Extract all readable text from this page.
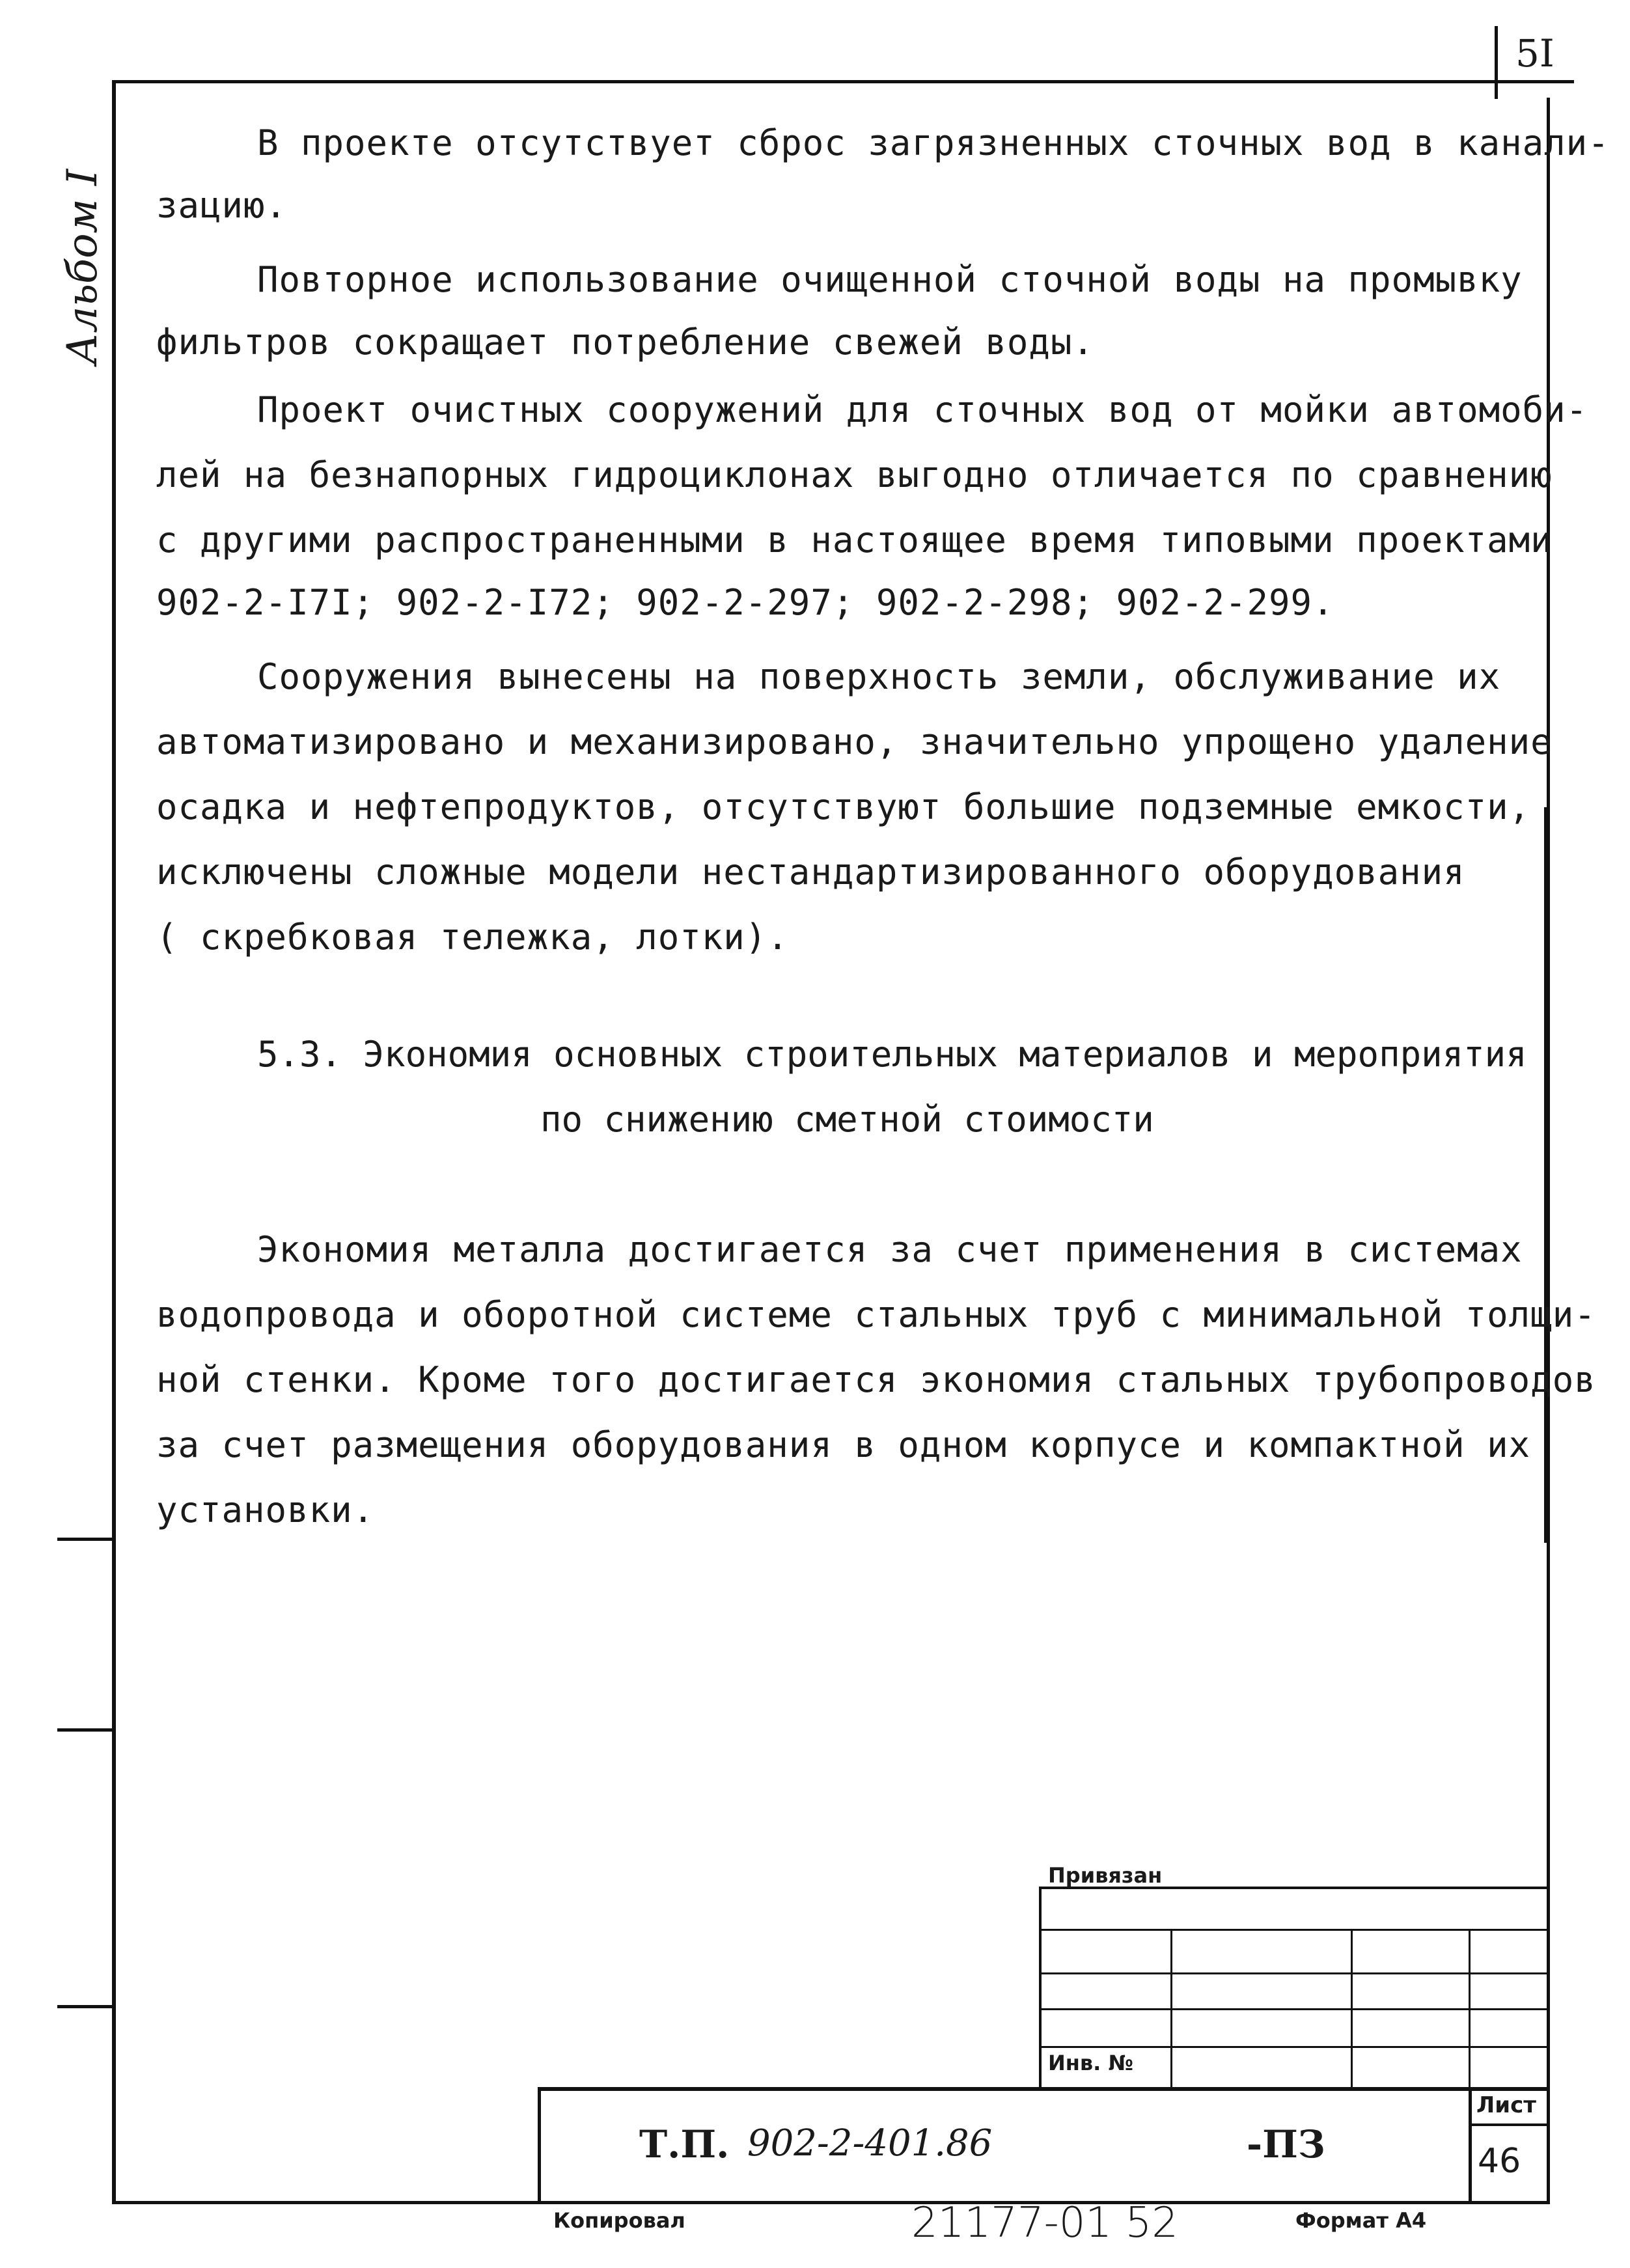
5I
Альбом I
В проекте отсутствует сброс загрязненных сточных вод в канали-
зацию.
Повторное использование очищенной сточной воды на промывку
фильтров сокращает потребление свежей воды.
Проект очистных сооружений для сточных вод от мойки автомоби-
лей на безнапорных гидроциклонах выгодно отличается по сравнению
с другими распространенными в настоящее время типовыми проектами
902-2-I7I; 902-2-I72; 902-2-297; 902-2-298; 902-2-299.
Сооружения вынесены на поверхность земли, обслуживание их
автоматизировано и механизировано, значительно упрощено удаление
осадка и нефтепродуктов, отсутствуют большие подземные емкости,
исключены сложные модели нестандартизированного оборудования
( скребковая тележка, лотки).
5.3. Экономия основных строительных материалов и мероприятия
по снижению сметной стоимости
Экономия металла достигается за счет применения в системах
водопровода и оборотной системе стальных труб с минимальной толщи-
ной стенки. Кроме того достигается экономия стальных трубопроводов
за счет размещения оборудования в одном корпусе и компактной их
установки.
Привязан
Инв. №
Лист
46
Т.П. 902-2-401.86	-ПЗ
Копировал	21177-01 52	Формат А4
